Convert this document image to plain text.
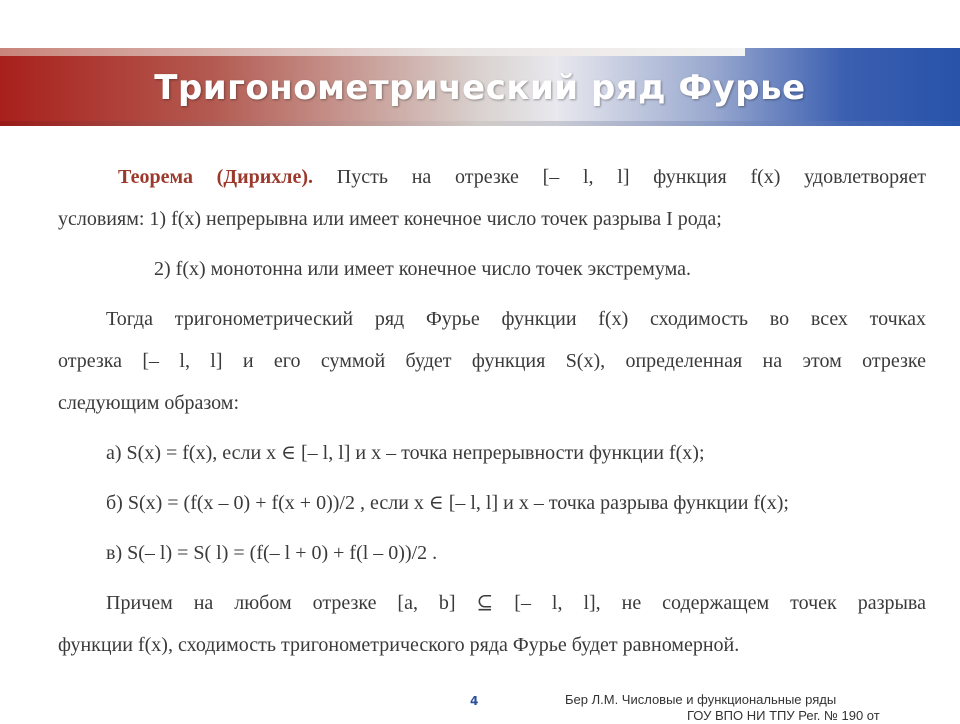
Тригонометрический ряд Фурье

Теорема (Дирихле). Пусть на отрезке [– l, l] функция f(x) удовлетворяет

условиям: 1) f(x) непрерывна или имеет конечное число точек разрыва I рода;

2) f(x) монотонна или имеет конечное число точек экстремума.

Тогда тригонометрический ряд Фурье функции f(x) сходимость во всех точках

отрезка [– l, l] и его суммой будет функция S(x), определенная на этом отрезке

следующим образом:

а) S(x) = f(x), если x ∈ [– l, l] и x – точка непрерывности функции f(x);

б) S(x) = (f(x – 0) + f(x + 0))/2 , если x ∈ [– l, l] и x – точка разрыва функции f(x);

в) S(– l) = S( l) = (f(– l + 0) + f(l – 0))/2 .

Причем на любом отрезке [a, b] ⊆ [– l, l], не содержащем точек разрыва

функции f(x), сходимость тригонометрического ряда Фурье будет равномерной.

4	Бер Л.М. Числовые и функциональные ряды
ГОУ ВПО НИ ТПУ Рег. № 190 от
